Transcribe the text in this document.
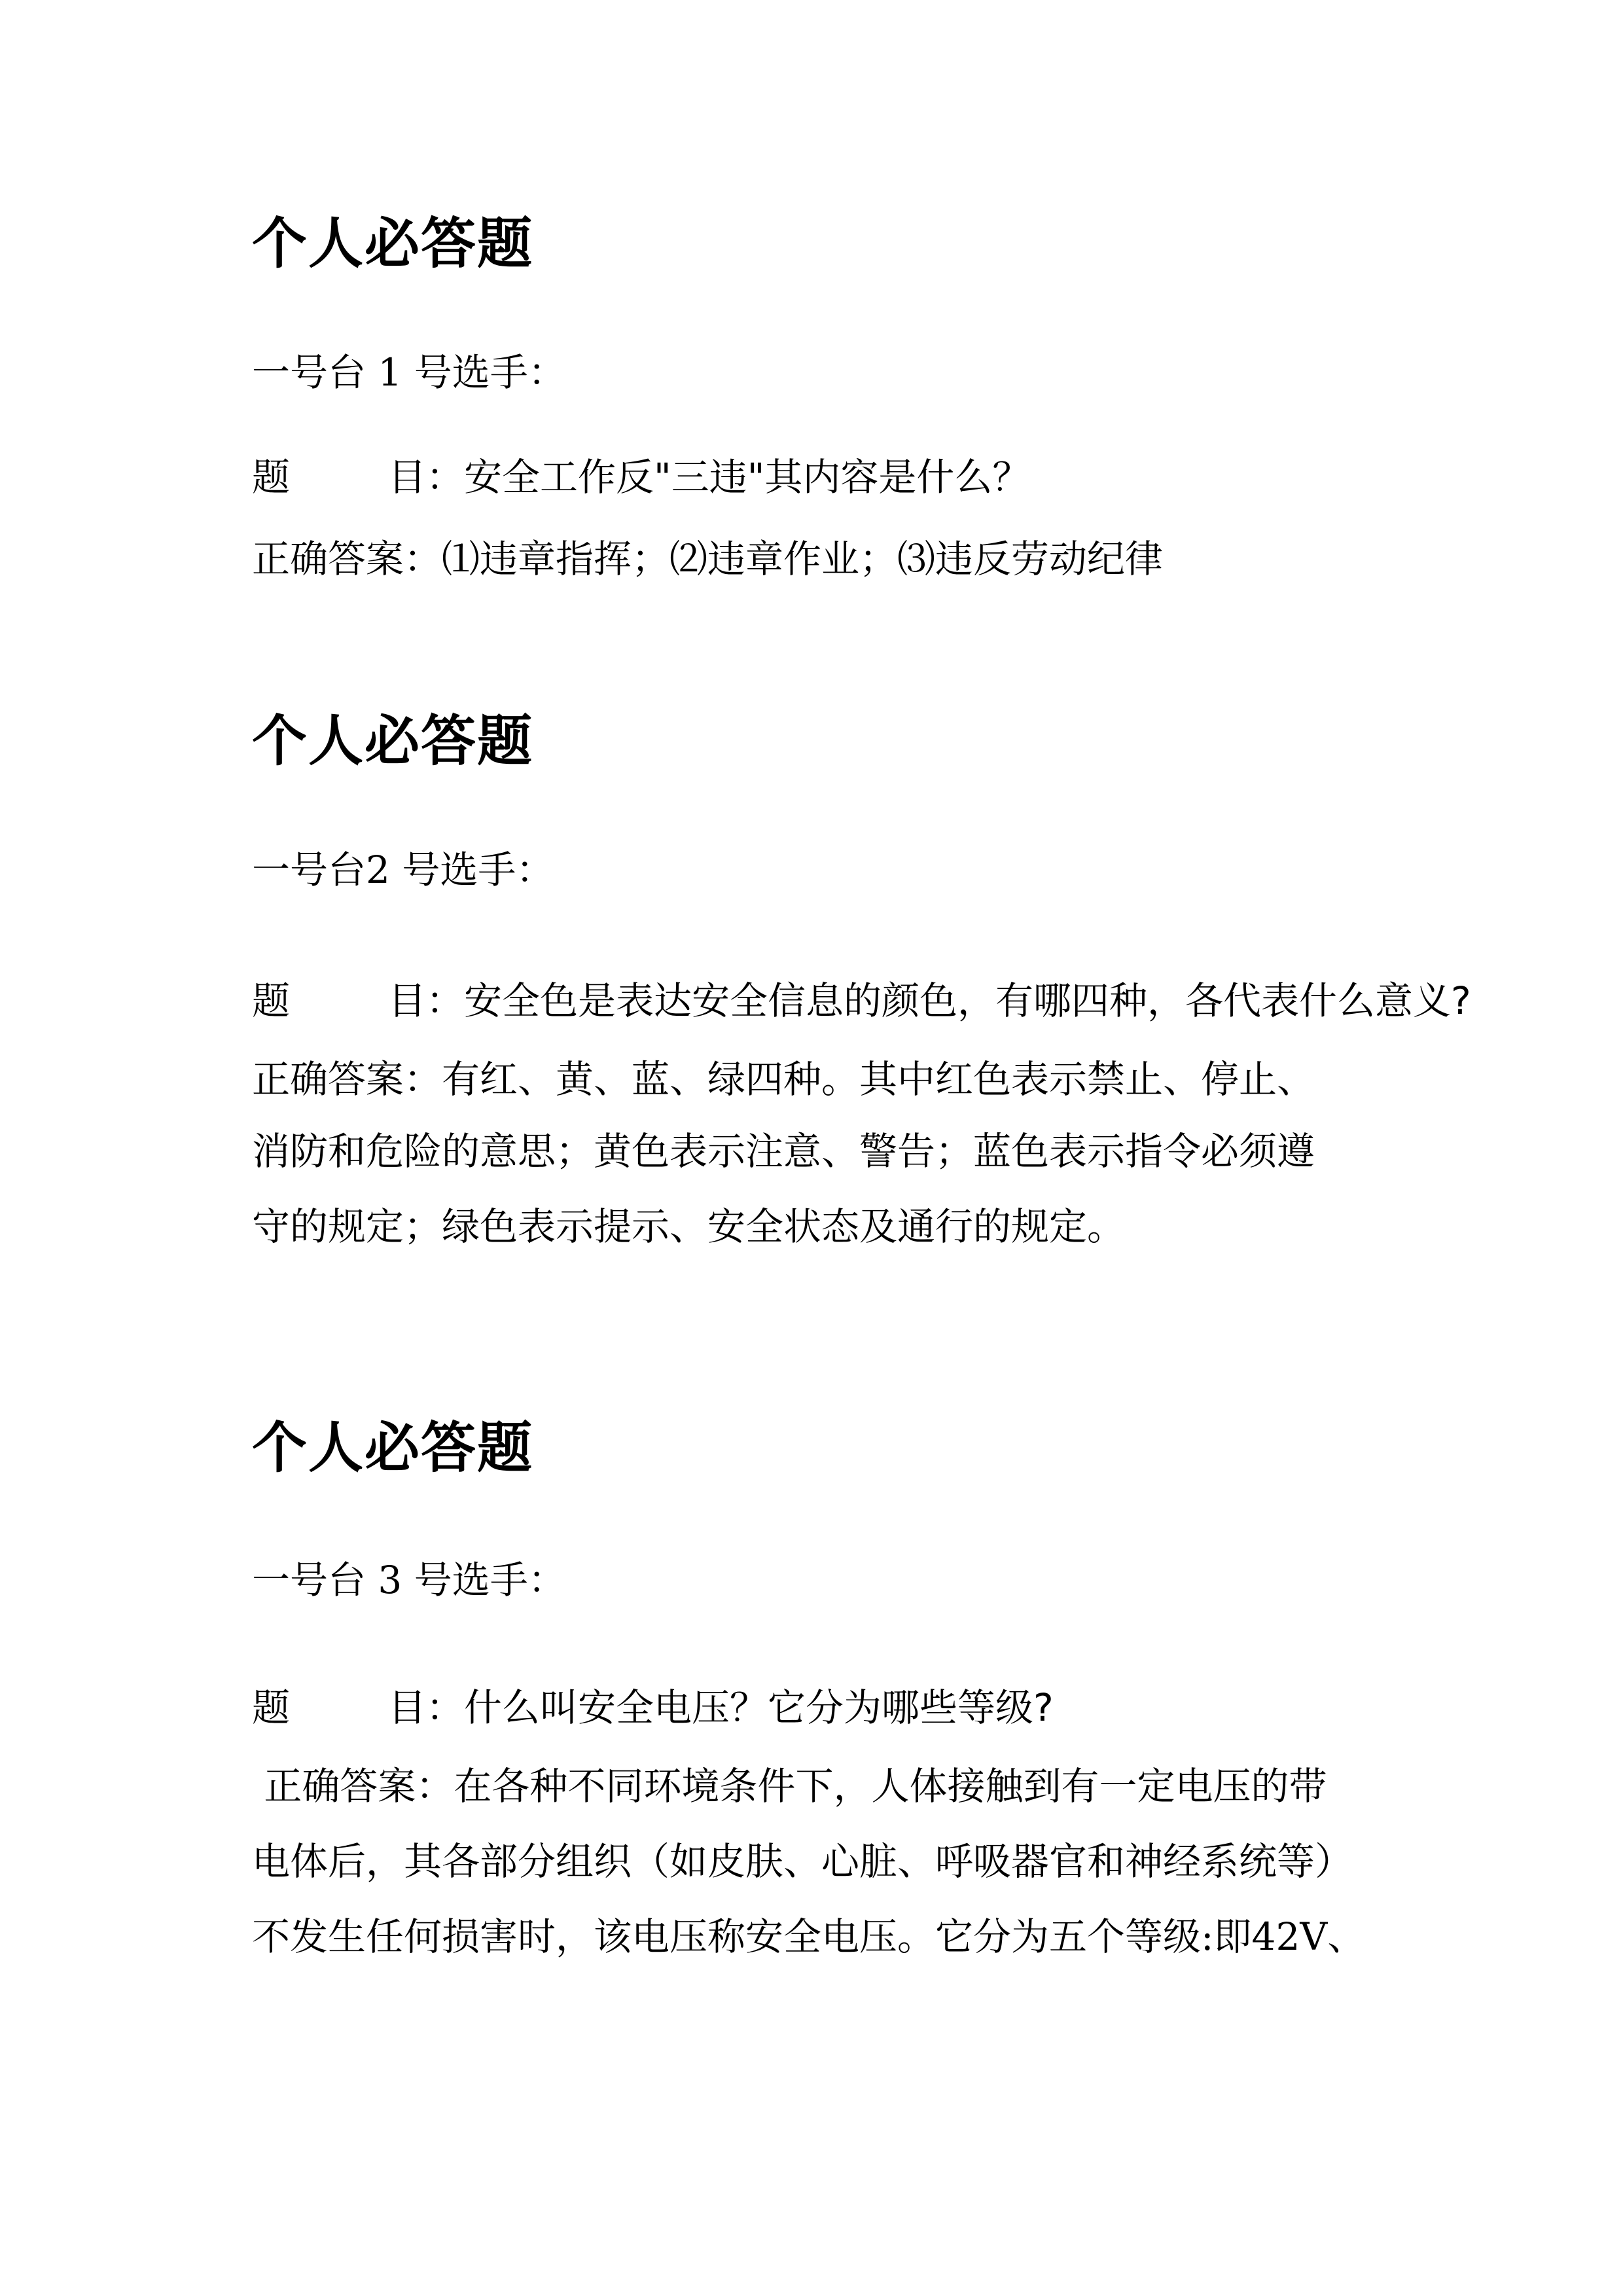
个人必答题
一号台 1 号选手：
题	目：安全工作反"三违"其内容是什么？
正确答案：⑴违章指挥；⑵违章作业；⑶违反劳动纪律
个人必答题
一号台2 号选手：
题	目：安全色是表达安全信息的颜色，有哪四种，各代表什么意义?
正确答案：有红、黄、蓝、绿四种。其中红色表示禁止、停止、
消防和危险的意思；黄色表示注意、警告；蓝色表示指令必须遵
守的规定；绿色表示提示、安全状态及通行的规定。
个人必答题
一号台 3 号选手：
题	目：什么叫安全电压？它分为哪些等级?
正确答案：在各种不同环境条件下，人体接触到有一定电压的带
电体后，其各部分组织（如皮肤、心脏、呼吸器官和神经系统等）
不发生任何损害时，该电压称安全电压。它分为五个等级:即42V、
